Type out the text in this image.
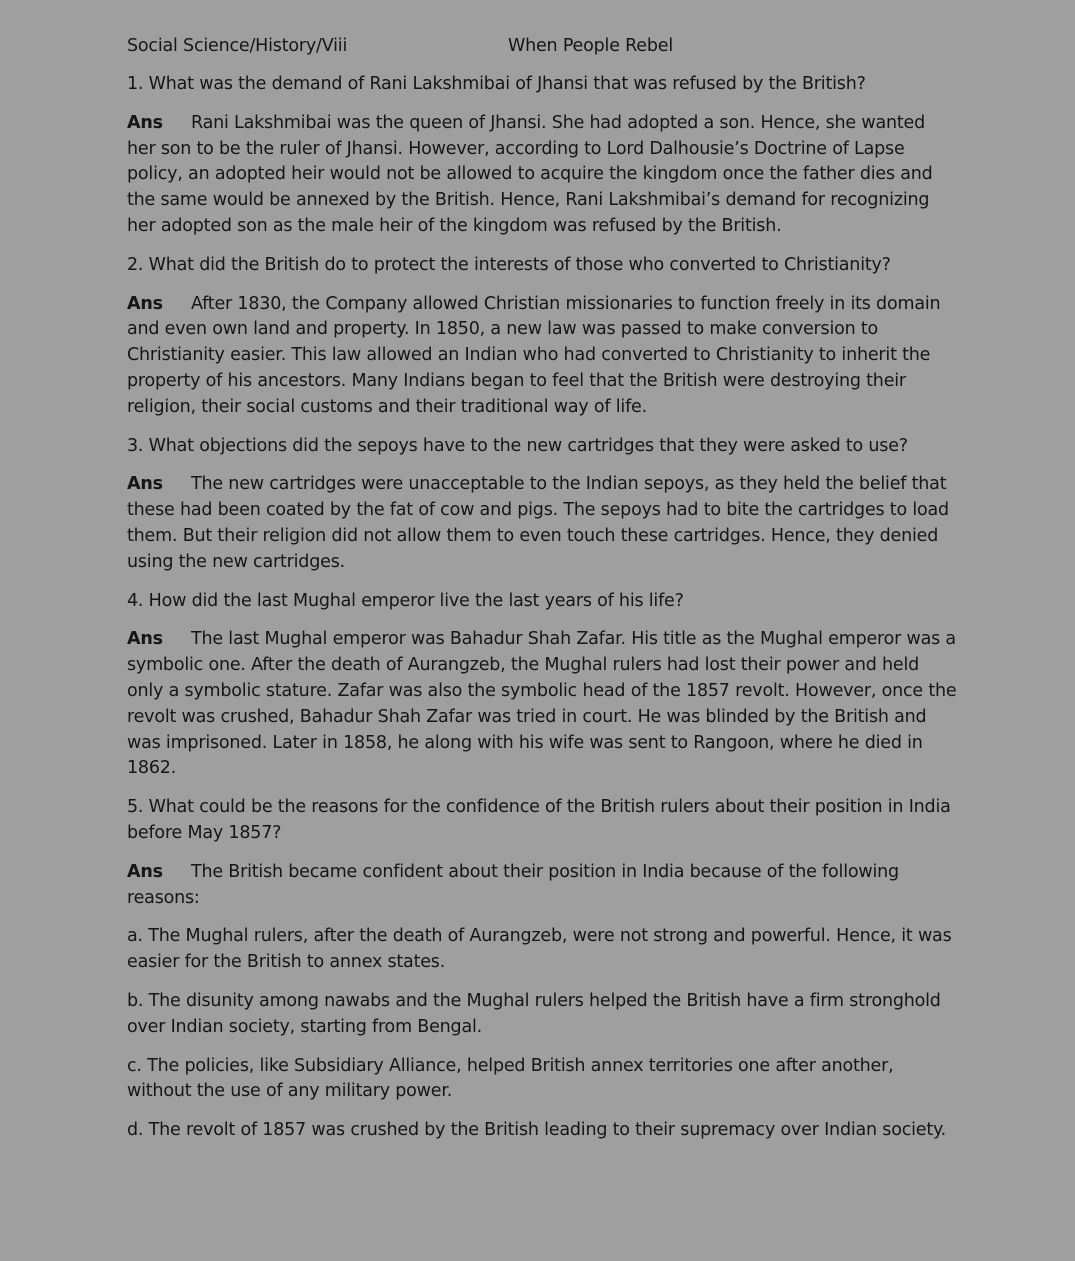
Social Science/History/Viii	When People Rebel

1. What was the demand of Rani Lakshmibai of Jhansi that was refused by the British?

Ans Rani Lakshmibai was the queen of Jhansi. She had adopted a son. Hence, she wanted her son to be the ruler of Jhansi. However, according to Lord Dalhousie’s Doctrine of Lapse policy, an adopted heir would not be allowed to acquire the kingdom once the father dies and the same would be annexed by the British. Hence, Rani Lakshmibai’s demand for recognizing her adopted son as the male heir of the kingdom was refused by the British.

2. What did the British do to protect the interests of those who converted to Christianity?

Ans After 1830, the Company allowed Christian missionaries to function freely in its domain and even own land and property. In 1850, a new law was passed to make conversion to Christianity easier. This law allowed an Indian who had converted to Christianity to inherit the property of his ancestors. Many Indians began to feel that the British were destroying their religion, their social customs and their traditional way of life.

3. What objections did the sepoys have to the new cartridges that they were asked to use?

Ans The new cartridges were unacceptable to the Indian sepoys, as they held the belief that these had been coated by the fat of cow and pigs. The sepoys had to bite the cartridges to load them. But their religion did not allow them to even touch these cartridges. Hence, they denied using the new cartridges.

4. How did the last Mughal emperor live the last years of his life?

Ans The last Mughal emperor was Bahadur Shah Zafar. His title as the Mughal emperor was a symbolic one. After the death of Aurangzeb, the Mughal rulers had lost their power and held only a symbolic stature. Zafar was also the symbolic head of the 1857 revolt. However, once the revolt was crushed, Bahadur Shah Zafar was tried in court. He was blinded by the British and was imprisoned. Later in 1858, he along with his wife was sent to Rangoon, where he died in 1862.

5. What could be the reasons for the confidence of the British rulers about their position in India before May 1857?

Ans The British became confident about their position in India because of the following reasons:

a. The Mughal rulers, after the death of Aurangzeb, were not strong and powerful. Hence, it was easier for the British to annex states.

b. The disunity among nawabs and the Mughal rulers helped the British have a firm stronghold over Indian society, starting from Bengal.

c. The policies, like Subsidiary Alliance, helped British annex territories one after another, without the use of any military power.

d. The revolt of 1857 was crushed by the British leading to their supremacy over Indian society.
